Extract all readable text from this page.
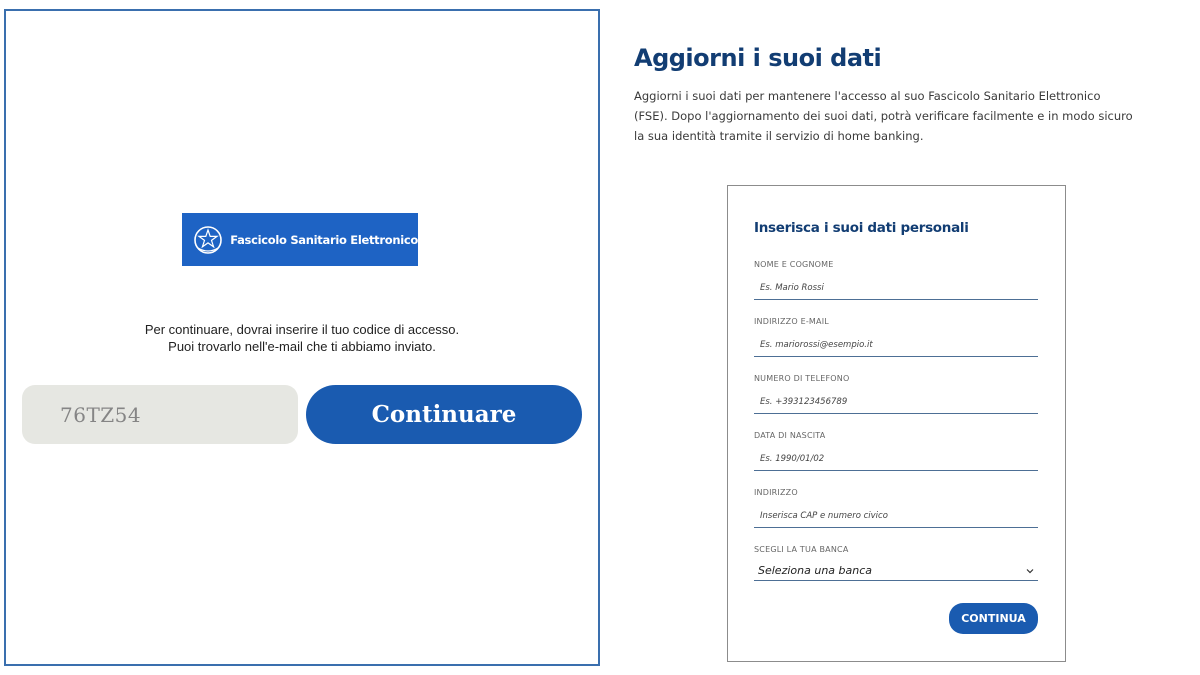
Fascicolo Sanitario Elettronico
Per continuare, dovrai inserire il tuo codice di accesso.
Puoi trovarlo nell'e-mail che ti abbiamo inviato.
76TZ54	Continuare
Aggiorni i suoi dati
Aggiorni i suoi dati per mantenere l'accesso al suo Fascicolo Sanitario Elettronico
(FSE). Dopo l'aggiornamento dei suoi dati, potrà verificare facilmente e in modo sicuro
la sua identità tramite il servizio di home banking.
Inserisca i suoi dati personali
NOME E COGNOME
Es. Mario Rossi
INDIRIZZO E-MAIL
Es. mariorossi@esempio.it
NUMERO DI TELEFONO
Es. +393123456789
DATA DI NASCITA
Es. 1990/01/02
INDIRIZZO
Inserisca CAP e numero civico
SCEGLI LA TUA BANCA
Seleziona una banca
CONTINUA
